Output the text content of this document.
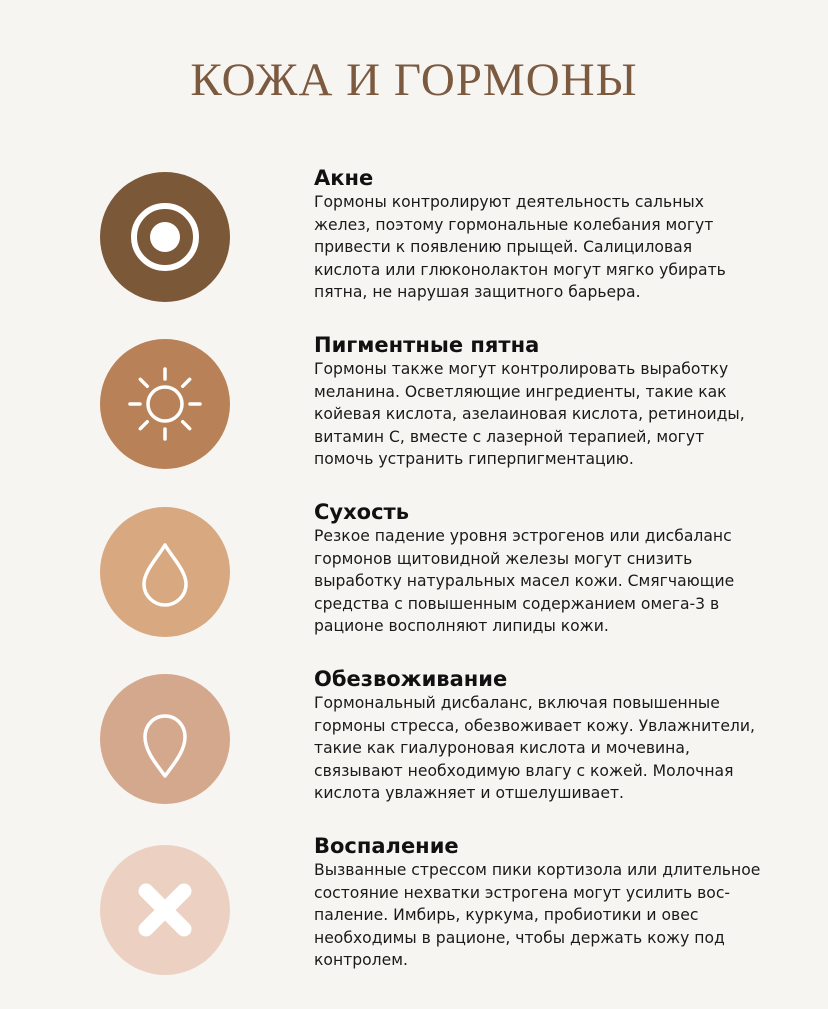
КОЖА И ГОРМОНЫ

Акне

Гормоны контролируют деятельность сальных
желез, поэтому гормональные колебания могут
привести к появлению прыщей. Салициловая
кислота или глюконолактон могут мягко убирать
пятна, не нарушая защитного барьера.

Пигментные пятна

Гормоны также могут контролировать выработку
меланина. Осветляющие ингредиенты, такие как
койевая кислота, азелаиновая кислота, ретиноиды,
витамин С, вместе с лазерной терапией, могут
помочь устранить гиперпигментацию.

Сухость

Резкое падение уровня эстрогенов или дисбаланс
гормонов щитовидной железы могут снизить
выработку натуральных масел кожи. Смягчающие
средства с повышенным содержанием омега-3 в
рационе восполняют липиды кожи.

Обезвоживание

Гормональный дисбаланс, включая повышенные
гормоны стресса, обезвоживает кожу. Увлажнители,
такие как гиалуроновая кислота и мочевина,
связывают необходимую влагу с кожей. Молочная
кислота увлажняет и отшелушивает.

Воспаление

Вызванные стрессом пики кортизола или длительное
состояние нехватки эстрогена могут усилить вос-
паление. Имбирь, куркума, пробиотики и овес
необходимы в рационе, чтобы держать кожу под
контролем.
